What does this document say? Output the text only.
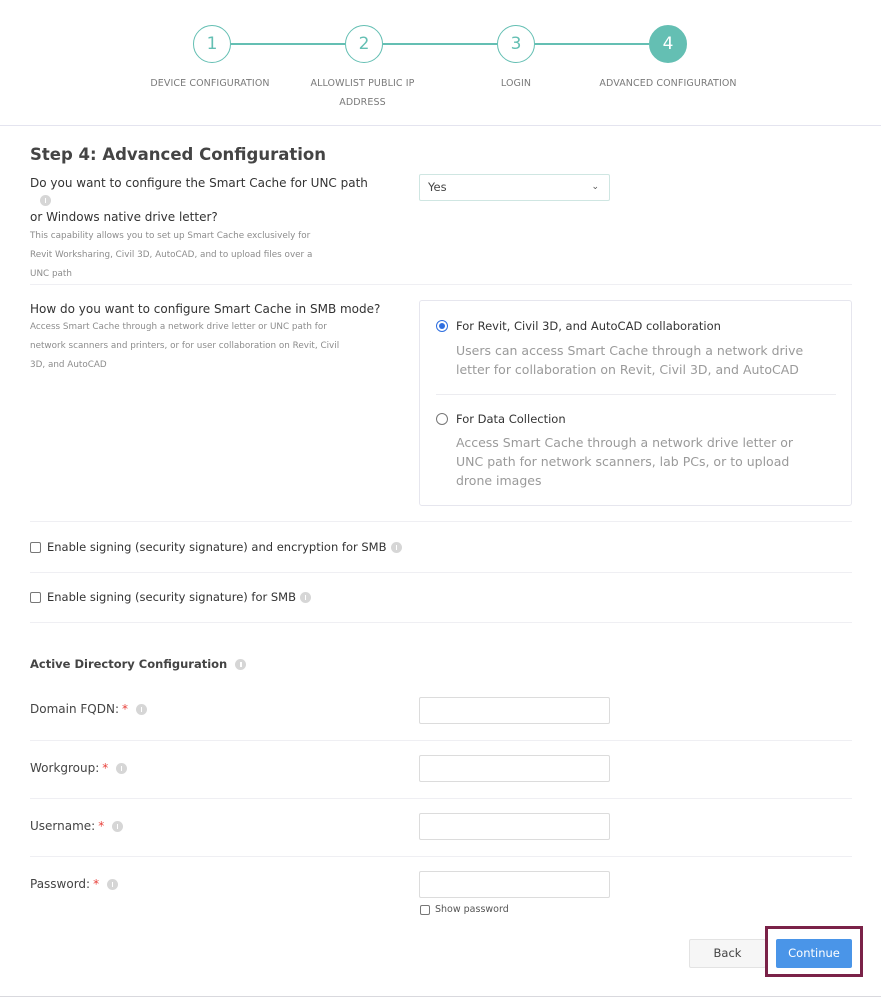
1	2	3	4
DEVICE CONFIGURATION	ALLOWLIST PUBLIC IP
ADDRESS
LOGIN	ADVANCED CONFIGURATION
Step 4: Advanced Configuration
Do you want to configure the Smart Cache for UNC path
or Windows native drive letter?
This capability allows you to set up Smart Cache exclusively for
Revit Worksharing, Civil 3D, AutoCAD, and to upload files over a
UNC path
Yes	⌄
How do you want to configure Smart Cache in SMB mode?
Access Smart Cache through a network drive letter or UNC path for
network scanners and printers, or for user collaboration on Revit, Civil
3D, and AutoCAD
For Revit, Civil 3D, and AutoCAD collaboration
Users can access Smart Cache through a network drive
letter for collaboration on Revit, Civil 3D, and AutoCAD
For Data Collection
Access Smart Cache through a network drive letter or
UNC path for network scanners, lab PCs, or to upload
drone images
Enable signing (security signature) and encryption for SMB
Enable signing (security signature) for SMB
Active Directory Configuration
Domain FQDN: *
Workgroup: *
Username: *
Password: *
Show password
Back	Continue
